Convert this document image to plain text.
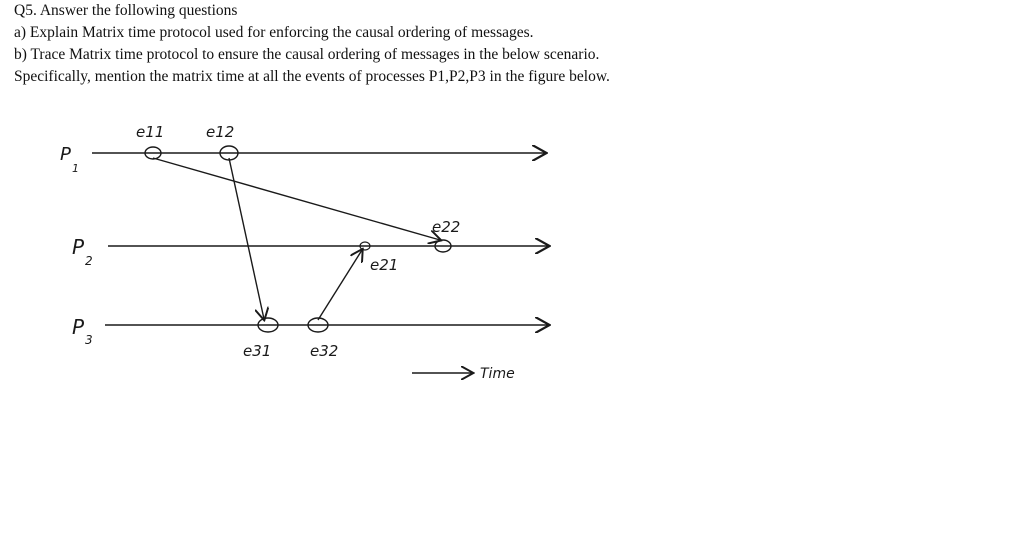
Q5. Answer the following questions
a) Explain Matrix time protocol used for enforcing the causal ordering of messages.
b) Trace Matrix time protocol to ensure the causal ordering of messages in the below scenario.
Specifically, mention the matrix time at all the events of processes P1,P2,P3 in the figure below.
P
1
P
2
P
3
e11	e12
e22
e21
e31	e32
Time
